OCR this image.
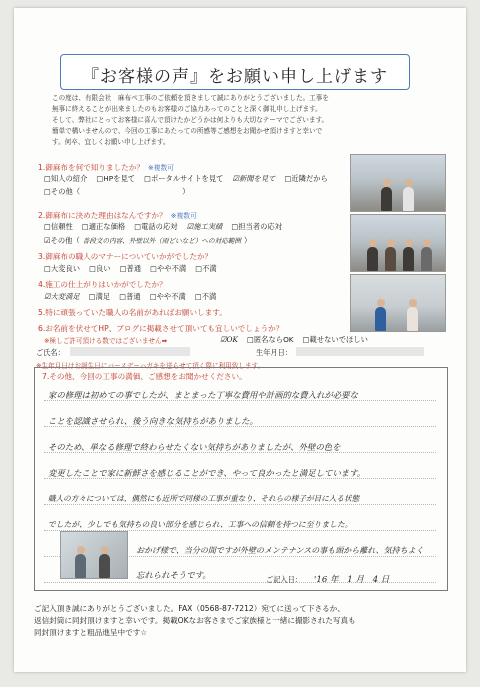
『お客様の声』をお願い申し上げます
この度は、有限会社　麻布ペ工事のご依頼を頂きまして誠にありがとうございました。工事を
無事に終えることが出来ましたのもお客様のご協力あってのことと深く御礼申し上げます。
そして、弊社にとってお客様に喜んで頂けたかどうかは何よりも大切なテーマでございます。
簡単で構いませんので、今回の工事にあたっての所感等ご感想をお聞かせ頂けますと幸いで
す。何卒、宜しくお願い申し上げます。
1.御麻布を何で知りましたか？ ※複数可
□知人の紹介 □HPを見て □ポータルサイトを見て ☑新聞を見て □近隣だから
□その他（　　　　　　　　　　　　　　）
2.御麻布に決めた理由はなんですか？ ※複数可
□信頼性 □適正な価格 □電話の応対 ☑施工実績 □担当者の応対
☑その他（ 普段文の内容、外壁以外（雨どいなど）への対応範囲 ）
3.御麻布の職人のマナーについていかがでしたか？
□大変良い □良い □普通 □やや不満 □不満
4.施工の仕上がりはいかがでしたか？
☑大変満足 □満足 □普通 □やや不満 □不満
5.特に頑張っていた職人の名前があればお願いします。
6.お名前を伏せてHP、ブログに掲載させて頂いても宜しいでしょうか？
※極しご許可頂ける数ではございません➡	☑OK □匿名ならOK □載せないでほしい
ご氏名：	生年月日：
※生年月日はお誕生日にバースデーハガキを送らせて頂く際に利用致します。
7.その他、今回の工事の満価、ご感想をお聞かせください。
家の修理は初めての事でしたが、まとまった丁寧な費用や計画的な費入れが必要な
ことを認識させられ、後う向きな気持ちがありました。
そのため、単なる修理で終わらせたくない気持ちがありましたが、外壁の色を
変更したことで家に新鮮さを感じることができ、やって良かったと満足しています。
職人の方々については、偶然にも近所で同様の工事が重なり、それらの様子が目に入る状態
でしたが、少しでも気持ちの良い部分を感じられ、工事への信頼を持つに至りました。
おかげ様で、当分の間ですが外壁のメンテナンスの事も頭から離れ、気持ちよく
忘れられそうです。	ご記入日： '16 年　1 月　4 日
ご記入頂き誠にありがとうございました。FAX（0568-87-7212）宛てに送って下さるか、
返信封筒に同封頂けますと幸いです。掲載OKなお客さまでご家族様と一緒に撮影された写真も
同封頂けますと粗品進呈中です☆
